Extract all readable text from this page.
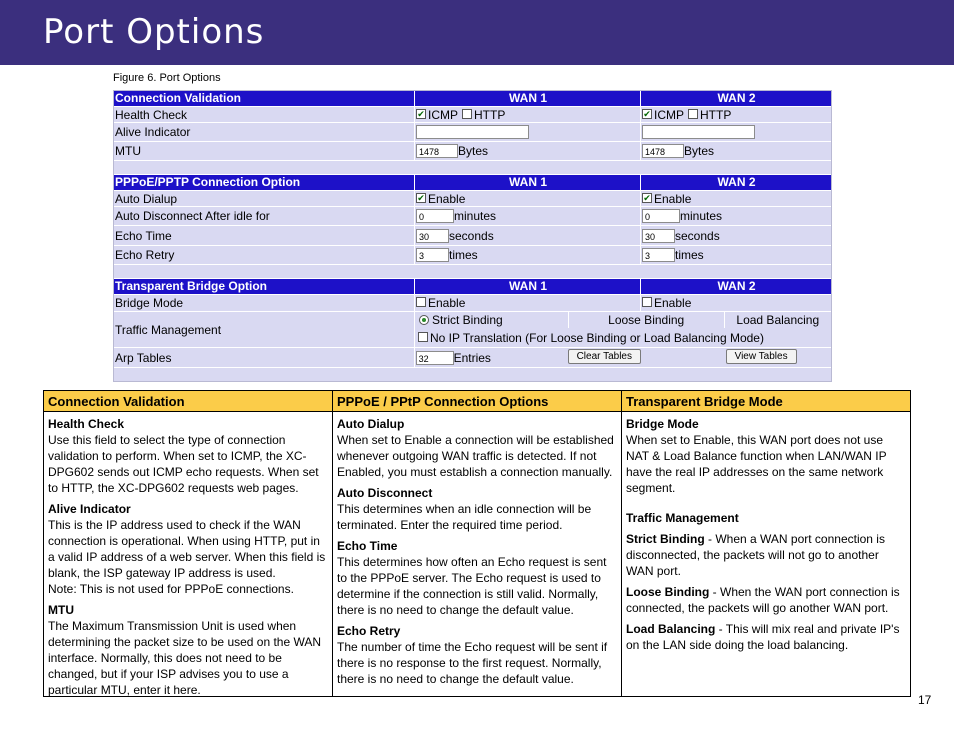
Port Options
Figure 6. Port Options
Connection Validation	WAN 1	WAN 2
Health Check	✔ ICMP HTTP	✔ ICMP HTTP
Alive Indicator
MTU	1478	Bytes	1478	Bytes
PPPoE/PPTP Connection Option	WAN 1	WAN 2
Auto Dialup	✔ Enable	✔ Enable
Auto Disconnect After idle for	0	minutes	0	minutes
Echo Time	30	seconds	30	seconds
Echo Retry	3	times	3	times
Transparent Bridge Option	WAN 1	WAN 2
Bridge Mode	Enable	Enable
Traffic Management
Strict Binding	Loose Binding	Load Balancing
No IP Translation (For Loose Binding or Load Balancing Mode)
Arp Tables	32	Entries	Clear Tables	View Tables
Connection Validation

Health Check
Use this field to select the type of connection validation to perform. When set to ICMP, the XC-DPG602 sends out ICMP echo requests. When set to HTTP, the XC-DPG602 requests web pages.

Alive Indicator
This is the IP address used to check if the WAN connection is operational. When using HTTP, put in a valid IP address of a web server. When this field is blank, the ISP gateway IP address is used.
Note: This is not used for PPPoE connections.

MTU
The Maximum Transmission Unit is used when determining the packet size to be used on the WAN interface. Normally, this does not need to be changed, but if your ISP advises you to use a particular MTU, enter it here.

PPPoE / PPtP Connection Options

Auto Dialup
When set to Enable a connection will be established whenever outgoing WAN traffic is detected. If not Enabled, you must establish a connection manually.

Auto Disconnect
This determines when an idle connection will be terminated. Enter the required time period.

Echo Time
This determines how often an Echo request is sent to the PPPoE server. The Echo request is used to determine if the connection is still valid. Normally, there is no need to change the default value.

Echo Retry
The number of time the Echo request will be sent if there is no response to the first request. Normally, there is no need to change the default value.

Transparent Bridge Mode

Bridge Mode
When set to Enable, this WAN port does not use NAT & Load Balance function when LAN/WAN IP have the real IP addresses on the same network segment.

Traffic Management

Strict Binding - When a WAN port connection is disconnected, the packets will not go to another WAN port.

Loose Binding - When the WAN port connection is connected, the packets will go another WAN port.

Load Balancing - This will mix real and private IP's on the LAN side doing the load balancing.

17
